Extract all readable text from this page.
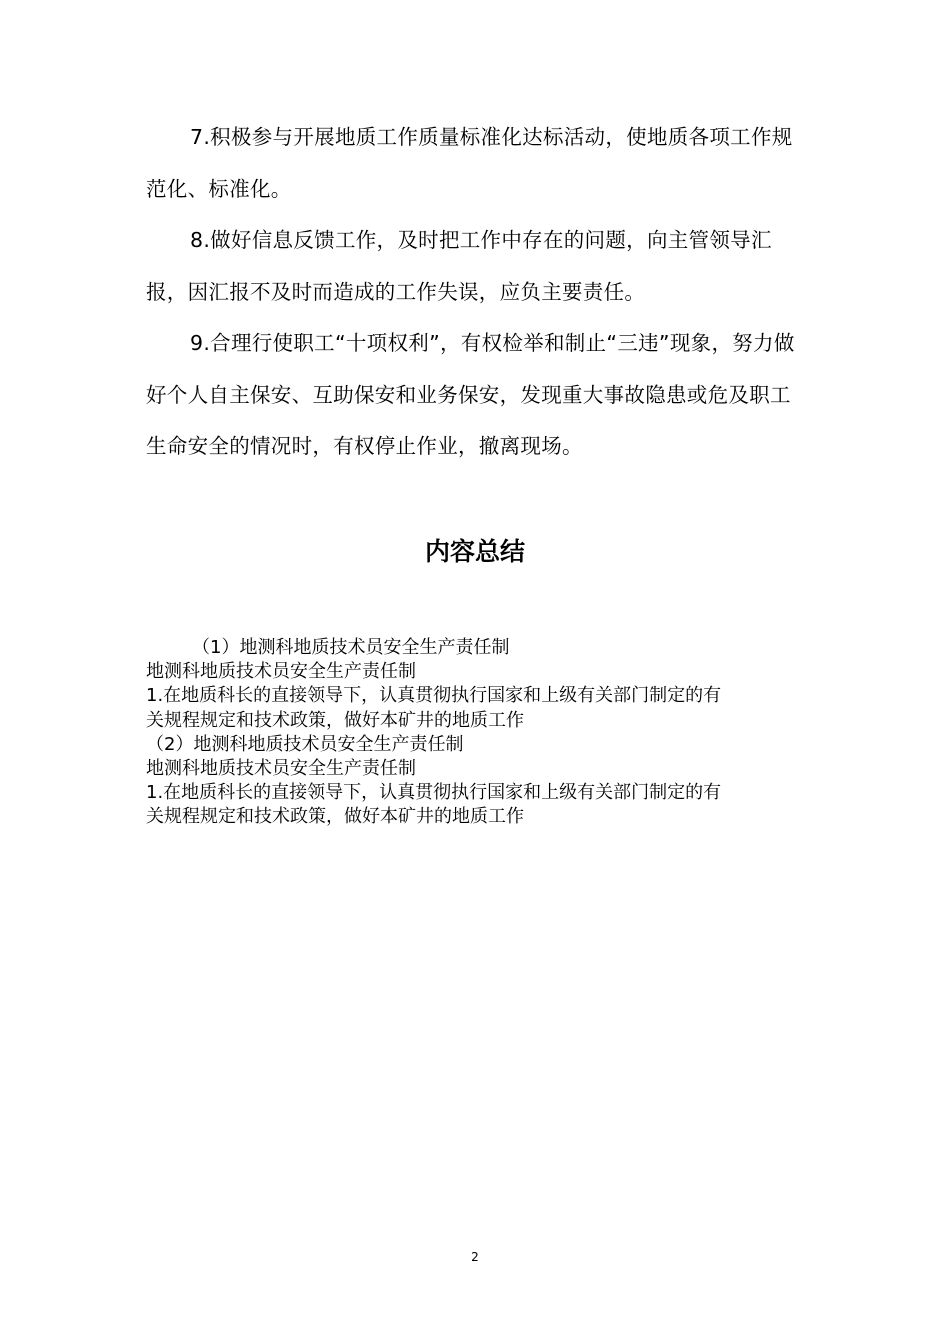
7.积极参与开展地质工作质量标准化达标活动，使地质各项工作规范化、标准化。

8.做好信息反馈工作，及时把工作中存在的问题，向主管领导汇报，因汇报不及时而造成的工作失误，应负主要责任。

9.合理行使职工“十项权利”，有权检举和制止“三违”现象，努力做好个人自主保安、互助保安和业务保安，发现重大事故隐患或危及职工生命安全的情况时，有权停止作业，撤离现场。

内容总结
（1）地测科地质技术员安全生产责任制
地测科地质技术员安全生产责任制
1.在地质科长的直接领导下，认真贯彻执行国家和上级有关部门制定的有
关规程规定和技术政策，做好本矿井的地质工作
（2）地测科地质技术员安全生产责任制
地测科地质技术员安全生产责任制
1.在地质科长的直接领导下，认真贯彻执行国家和上级有关部门制定的有
关规程规定和技术政策，做好本矿井的地质工作
2
